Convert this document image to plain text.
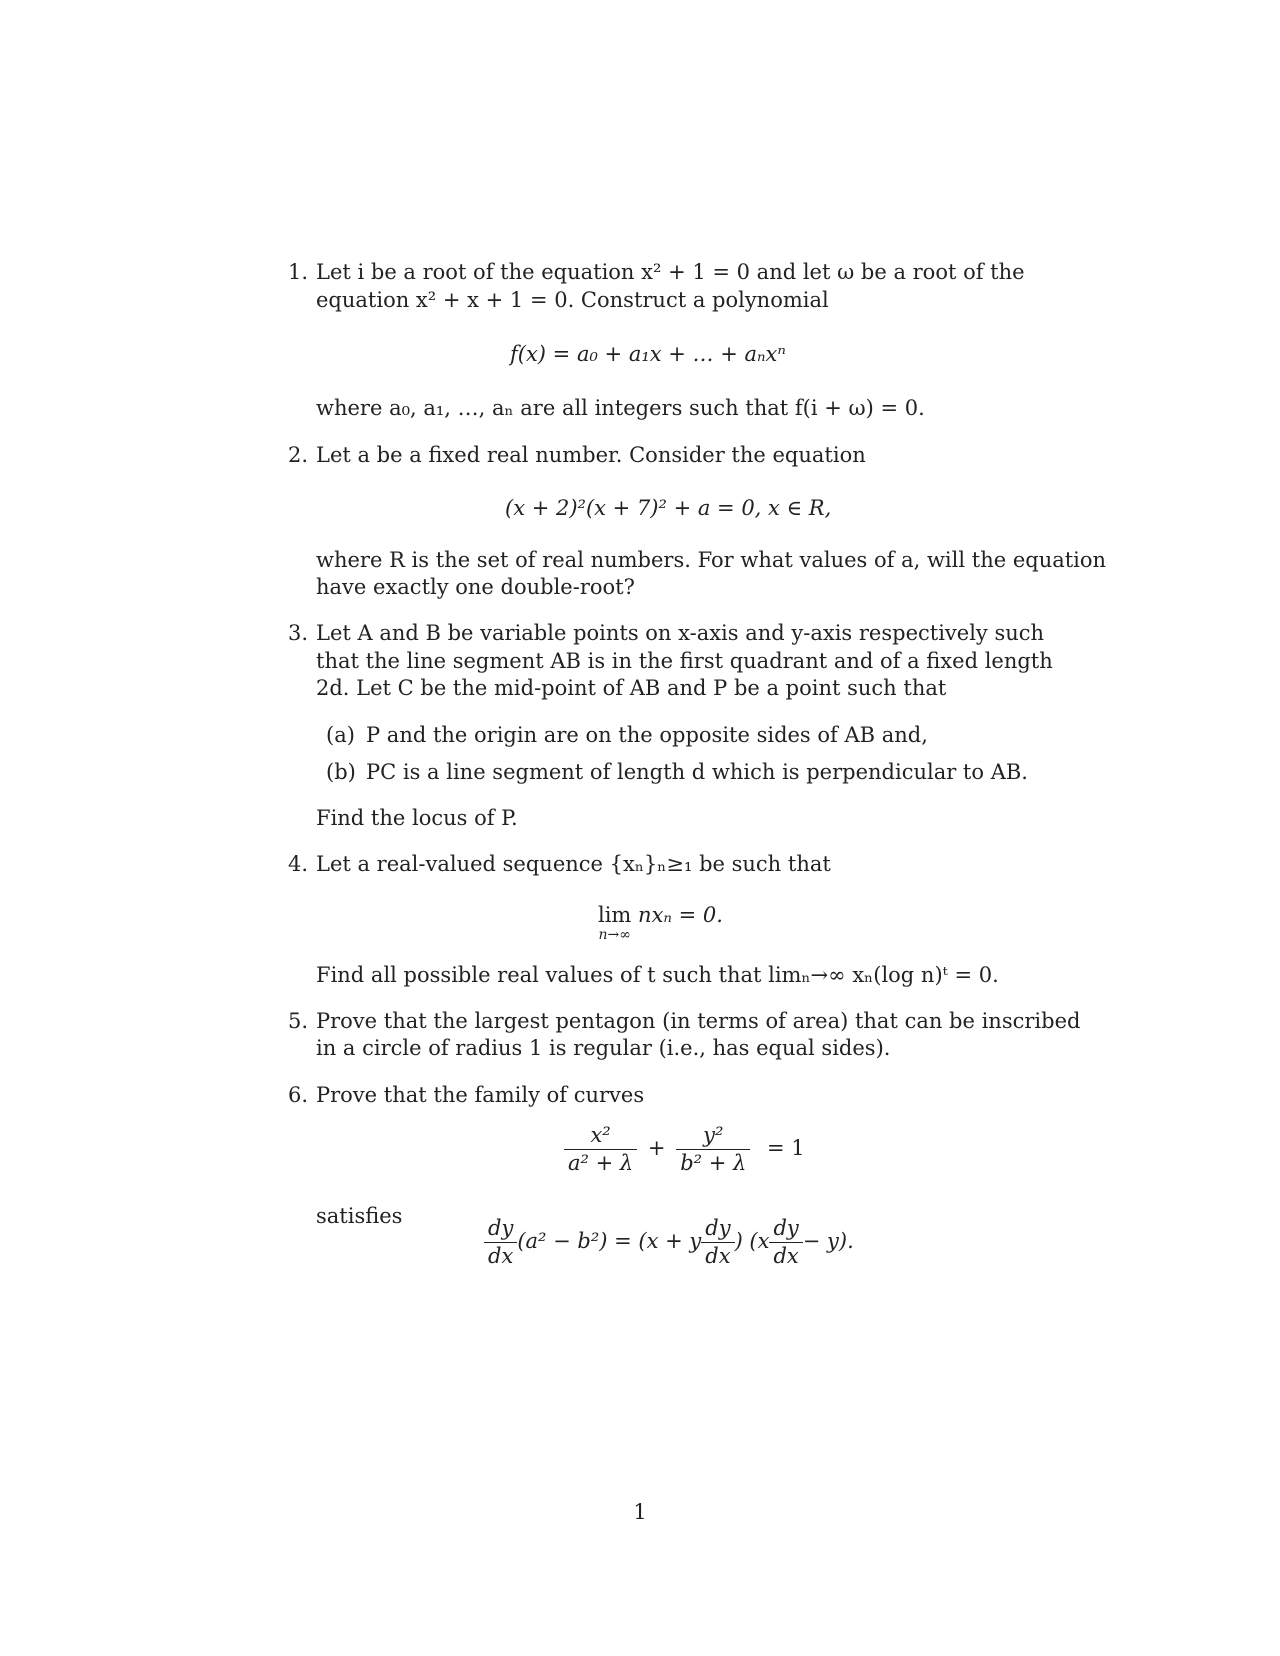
1. Let i be a root of the equation x² + 1 = 0 and let ω be a root of the
equation x² + x + 1 = 0. Construct a polynomial
f(x) = a₀ + a₁x + … + aₙxⁿ
where a₀, a₁, …, aₙ are all integers such that f(i + ω) = 0.
2. Let a be a fixed real number. Consider the equation
(x + 2)²(x + 7)² + a = 0, x ∈ R,
where R is the set of real numbers. For what values of a, will the equation
have exactly one double-root?
3. Let A and B be variable points on x-axis and y-axis respectively such
that the line segment AB is in the first quadrant and of a fixed length
2d. Let C be the mid-point of AB and P be a point such that
(a) P and the origin are on the opposite sides of AB and,
(b) PC is a line segment of length d which is perpendicular to AB.
Find the locus of P.
4. Let a real-valued sequence {xₙ}ₙ≥₁ be such that
lim
n→∞
nxₙ = 0.
Find all possible real values of t such that limₙ→∞ xₙ(log n)ᵗ = 0.
5. Prove that the largest pentagon (in terms of area) that can be inscribed
in a circle of radius 1 is regular (i.e., has equal sides).
6. Prove that the family of curves
$\frac{\text{x²}}{\text{a² + λ}} + \frac{\text{y²}}{\text{b² + λ}} = 1$
satisfies
$\frac{dy}{dx} (a^2 - b^2) = (x + y \frac{dy}{dx}$ ) $(x \frac{dy}{dx} - y)$.
1
